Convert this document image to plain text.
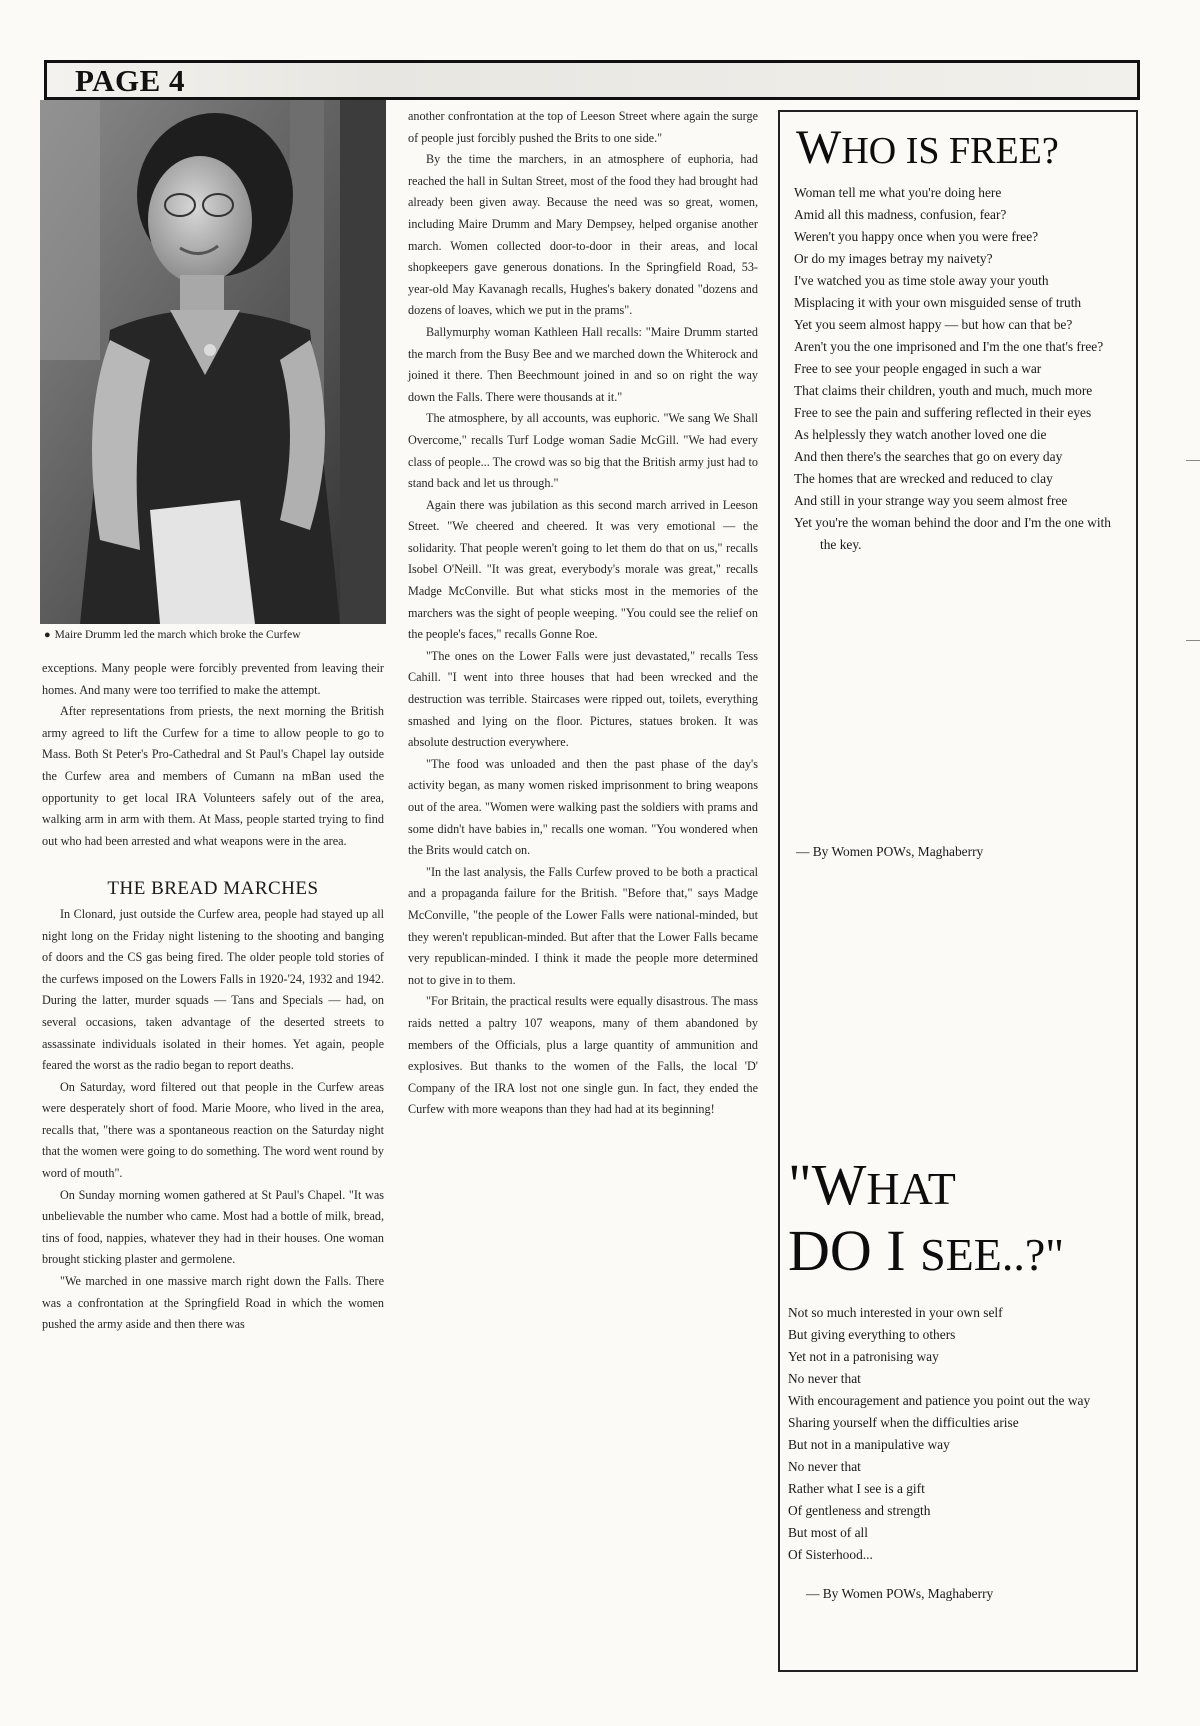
PAGE 4
● Maire Drumm led the march which broke the Curfew

exceptions. Many people were forcibly prevented from leaving their homes. And many were too terrified to make the attempt.

After representations from priests, the next morning the British army agreed to lift the Curfew for a time to allow people to go to Mass. Both St Peter's Pro-Cathedral and St Paul's Chapel lay outside the Curfew area and members of Cumann na mBan used the opportunity to get local IRA Volunteers safely out of the area, walking arm in arm with them. At Mass, people started trying to find out who had been arrested and what weapons were in the area.

THE BREAD MARCHES

In Clonard, just outside the Curfew area, people had stayed up all night long on the Friday night listening to the shooting and banging of doors and the CS gas being fired. The older people told stories of the curfews imposed on the Lowers Falls in 1920-'24, 1932 and 1942. During the latter, murder squads — Tans and Specials — had, on several occasions, taken advantage of the deserted streets to assassinate individuals isolated in their homes. Yet again, people feared the worst as the radio began to report deaths.

On Saturday, word filtered out that people in the Curfew areas were desperately short of food. Marie Moore, who lived in the area, recalls that, "there was a spontaneous reaction on the Saturday night that the women were going to do something. The word went round by word of mouth".

On Sunday morning women gathered at St Paul's Chapel. "It was unbelievable the number who came. Most had a bottle of milk, bread, tins of food, nappies, whatever they had in their houses. One woman brought sticking plaster and germolene.

"We marched in one massive march right down the Falls. There was a confrontation at the Springfield Road in which the women pushed the army aside and then there was

another confrontation at the top of Leeson Street where again the surge of people just forcibly pushed the Brits to one side."

By the time the marchers, in an atmosphere of euphoria, had reached the hall in Sultan Street, most of the food they had brought had already been given away. Because the need was so great, women, including Maire Drumm and Mary Dempsey, helped organise another march. Women collected door-to-door in their areas, and local shopkeepers gave generous donations. In the Springfield Road, 53-year-old May Kavanagh recalls, Hughes's bakery donated "dozens and dozens of loaves, which we put in the prams".

Ballymurphy woman Kathleen Hall recalls: "Maire Drumm started the march from the Busy Bee and we marched down the Whiterock and joined it there. Then Beechmount joined in and so on right the way down the Falls. There were thousands at it."

The atmosphere, by all accounts, was euphoric. "We sang We Shall Overcome," recalls Turf Lodge woman Sadie McGill. "We had every class of people... The crowd was so big that the British army just had to stand back and let us through."

Again there was jubilation as this second march arrived in Leeson Street. "We cheered and cheered. It was very emotional — the solidarity. That people weren't going to let them do that on us," recalls Isobel O'Neill. "It was great, everybody's morale was great," recalls Madge McConville. But what sticks most in the memories of the marchers was the sight of people weeping. "You could see the relief on the people's faces," recalls Gonne Roe.

"The ones on the Lower Falls were just devastated," recalls Tess Cahill. "I went into three houses that had been wrecked and the destruction was terrible. Staircases were ripped out, toilets, everything smashed and lying on the floor. Pictures, statues broken. It was absolute destruction everywhere.

"The food was unloaded and then the past phase of the day's activity began, as many women risked imprisonment to bring weapons out of the area. "Women were walking past the soldiers with prams and some didn't have babies in," recalls one woman. "You wondered when the Brits would catch on.

"In the last analysis, the Falls Curfew proved to be both a practical and a propaganda failure for the British. "Before that," says Madge McConville, "the people of the Lower Falls were national-minded, but they weren't republican-minded. But after that the Lower Falls became very republican-minded. I think it made the people more determined not to give in to them.

"For Britain, the practical results were equally disastrous. The mass raids netted a paltry 107 weapons, many of them abandoned by members of the Officials, plus a large quantity of ammunition and explosives. But thanks to the women of the Falls, the local 'D' Company of the IRA lost not one single gun. In fact, they ended the Curfew with more weapons than they had had at its beginning!

WHO IS FREE?
Woman tell me what you're doing here
Amid all this madness, confusion, fear?
Weren't you happy once when you were free?
Or do my images betray my naivety?
I've watched you as time stole away your youth
Misplacing it with your own misguided sense of truth
Yet you seem almost happy — but how can that be?
Aren't you the one imprisoned and I'm the one that's free?
Free to see your people engaged in such a war
That claims their children, youth and much, much more
Free to see the pain and suffering reflected in their eyes
As helplessly they watch another loved one die
And then there's the searches that go on every day
The homes that are wrecked and reduced to clay
And still in your strange way you seem almost free
Yet you're the woman behind the door and I'm the one with the key.
— By Women POWs, Maghaberry
"WHAT
DO I SEE..?"
Not so much interested in your own self
But giving everything to others
Yet not in a patronising way
No never that
With encouragement and patience you point out the way
Sharing yourself when the difficulties arise
But not in a manipulative way
No never that
Rather what I see is a gift
Of gentleness and strength
But most of all
Of Sisterhood...
— By Women POWs, Maghaberry
